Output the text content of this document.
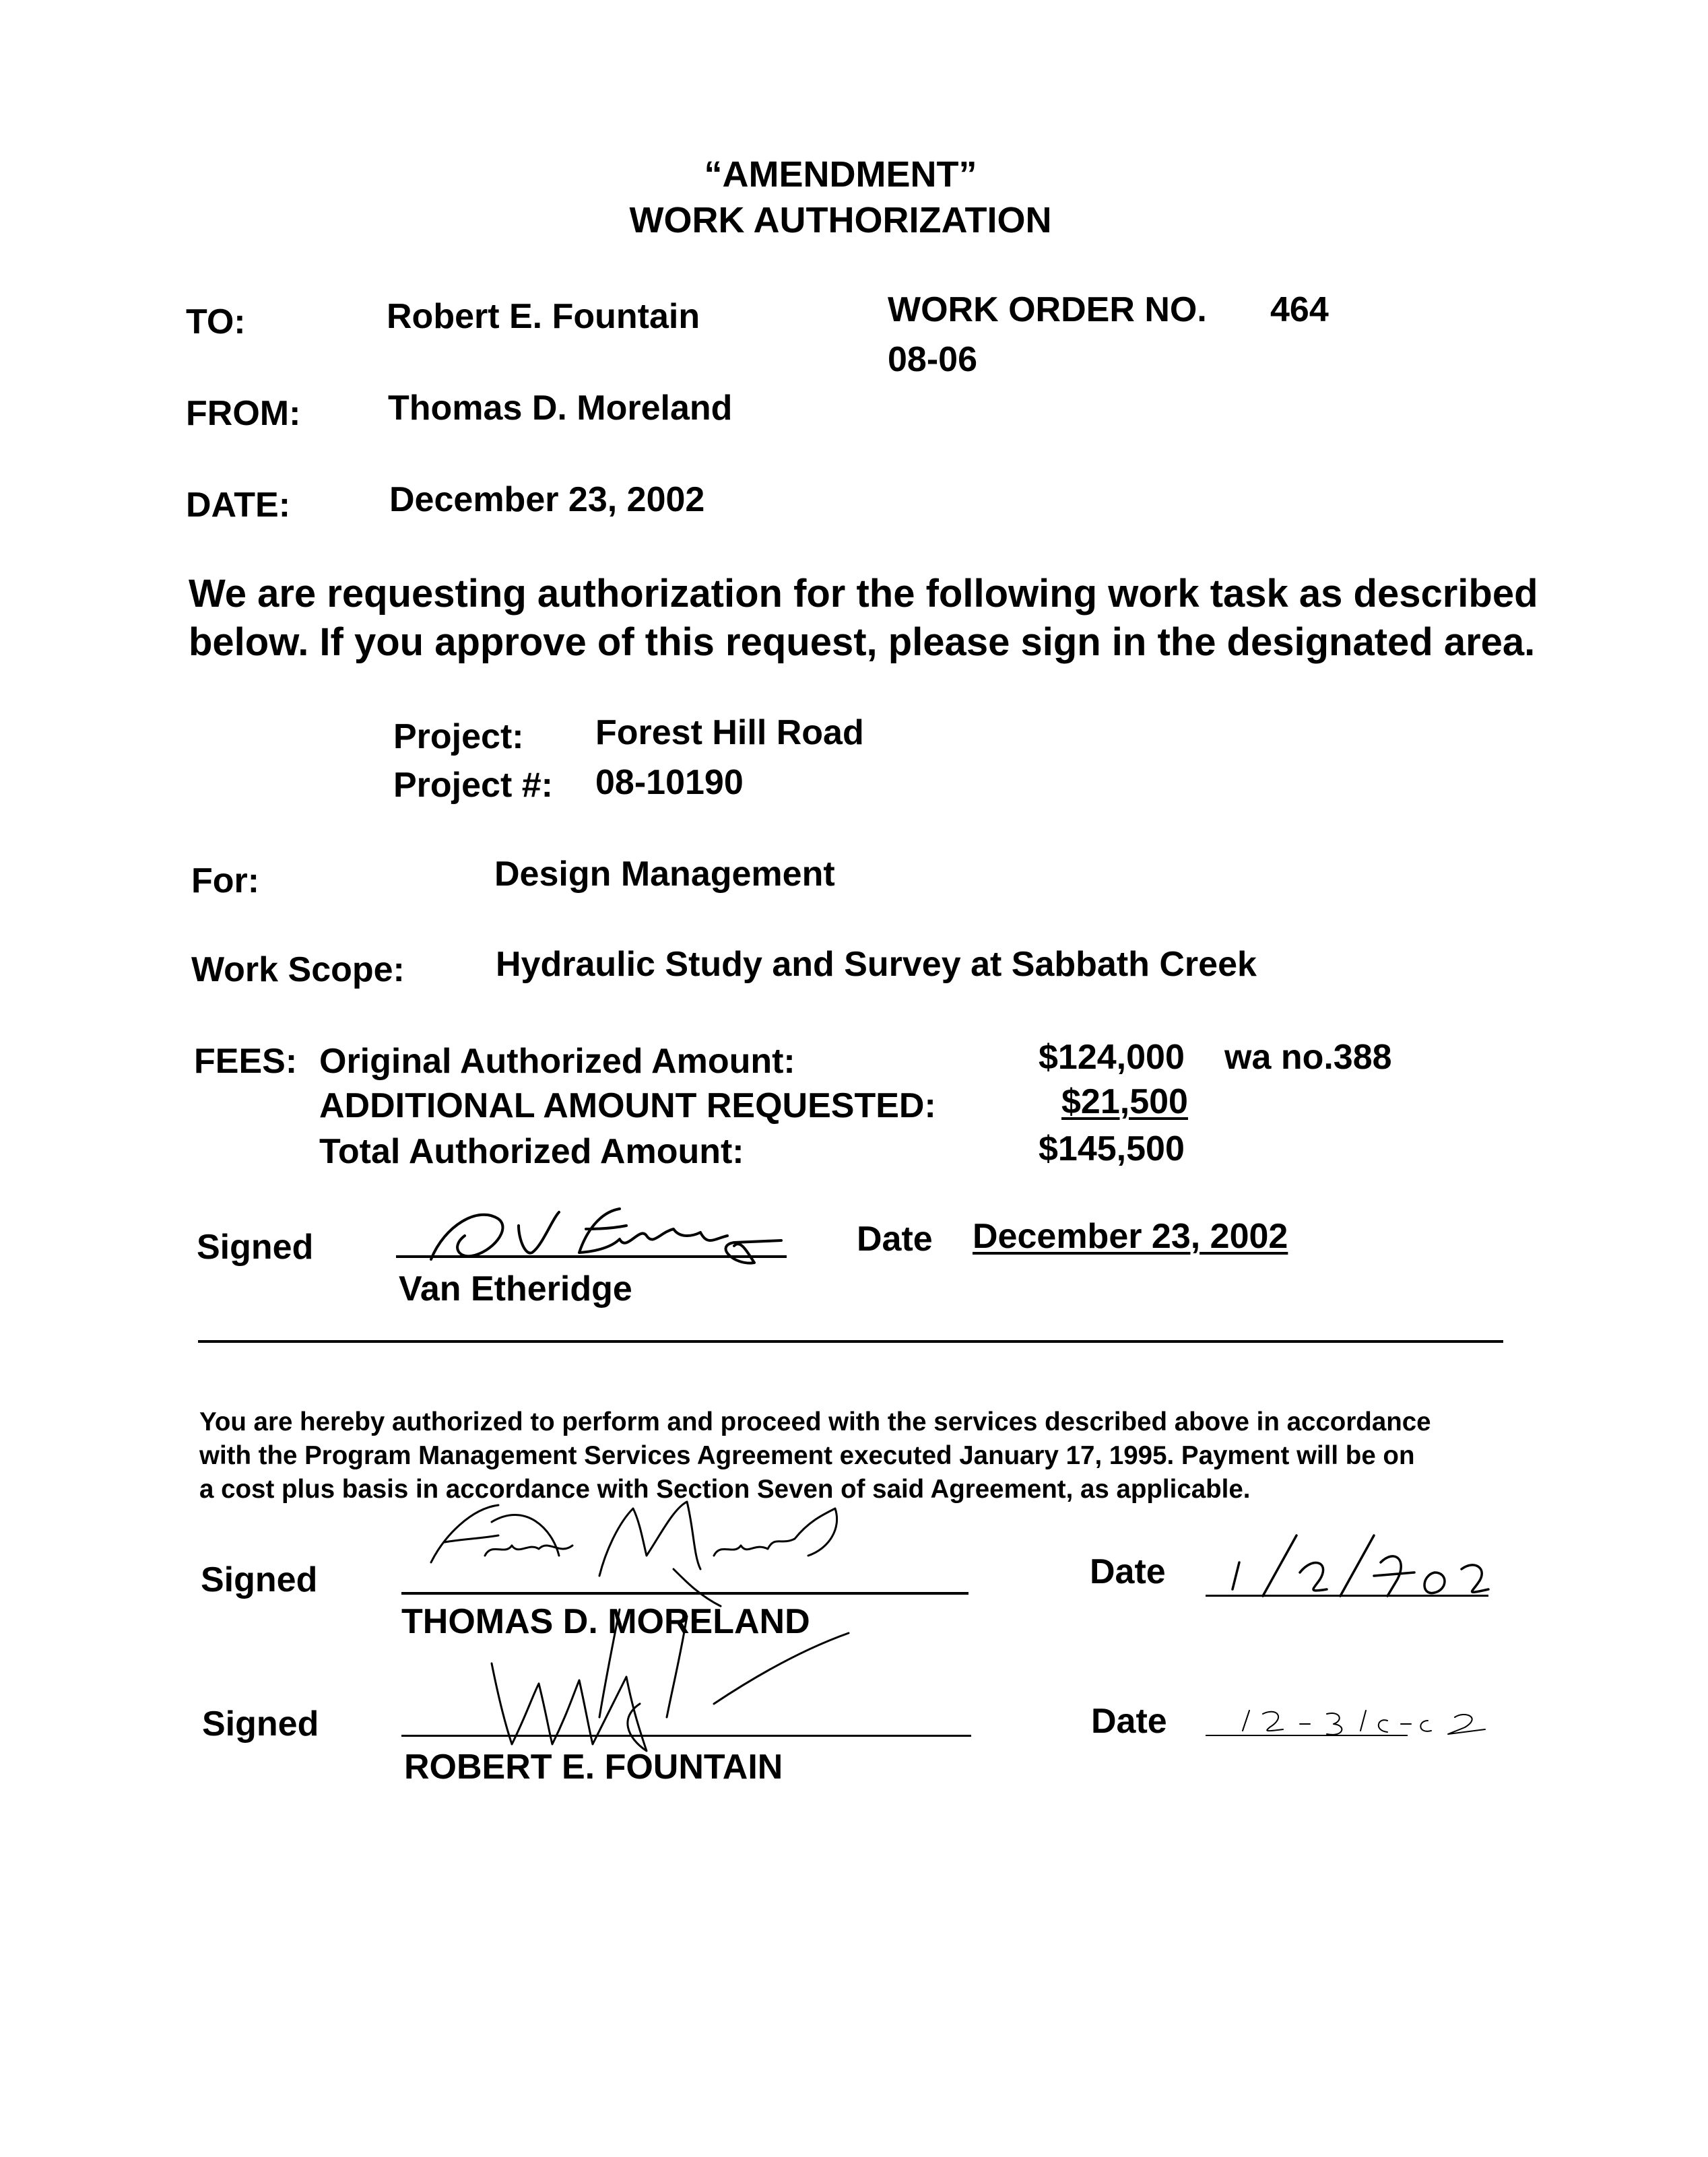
“AMENDMENT”
WORK AUTHORIZATION
TO:	Robert E. Fountain	WORK ORDER NO. 464
08-06
FROM: Thomas D. Moreland
DATE:	December 23, 2002
We are requesting authorization for the following work task as described
below. If you approve of this request, please sign in the designated area.
Project: Forest Hill Road
Project #: 08-10190
For:	Design Management
Work Scope:	Hydraulic Study and Survey at Sabbath Creek
FEES: Original Authorized Amount:	$124,000 wa no.388
ADDITIONAL AMOUNT REQUESTED:	$21,500
Total Authorized Amount:	$145,500
Signed
Van Etheridge
Date December 23, 2002
You are hereby authorized to perform and proceed with the services described above in accordance
with the Program Management Services Agreement executed January 17, 1995. Payment will be on
a cost plus basis in accordance with Section Seven of said Agreement, as applicable.
Signed
THOMAS D. MORELAND
Date
Signed
ROBERT E. FOUNTAIN
Date
